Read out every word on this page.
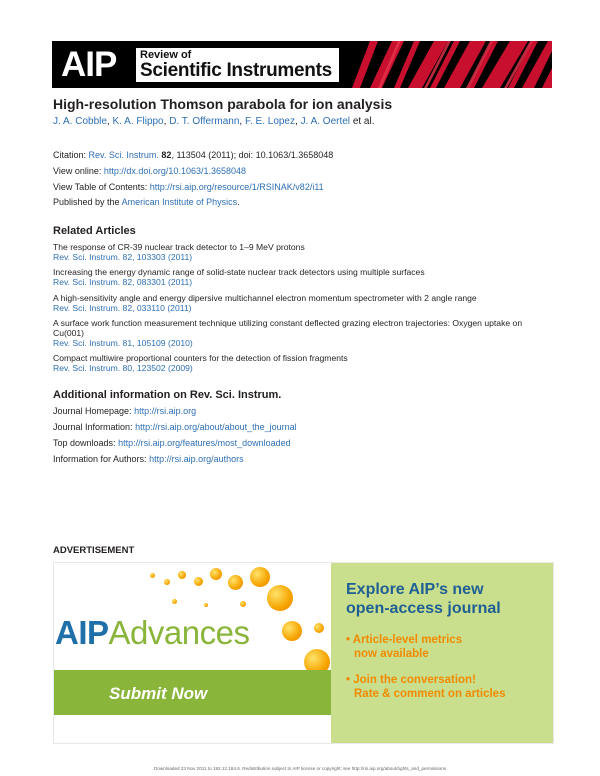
AIP Review of
Scientific Instruments
High-resolution Thomson parabola for ion analysis
J. A. Cobble, K. A. Flippo, D. T. Offermann, F. E. Lopez, J. A. Oertel et al.
Citation: Rev. Sci. Instrum. 82, 113504 (2011); doi: 10.1063/1.3658048
View online: http://dx.doi.org/10.1063/1.3658048
View Table of Contents: http://rsi.aip.org/resource/1/RSINAK/v82/i11
Published by the American Institute of Physics.
Related Articles
The response of CR-39 nuclear track detector to 1–9 MeV protons
Rev. Sci. Instrum. 82, 103303 (2011)
Increasing the energy dynamic range of solid-state nuclear track detectors using multiple surfaces
Rev. Sci. Instrum. 82, 083301 (2011)
A high-sensitivity angle and energy dipersive multichannel electron momentum spectrometer with 2 angle range
Rev. Sci. Instrum. 82, 033110 (2011)
A surface work function measurement technique utilizing constant deflected grazing electron trajectories: Oxygen uptake on Cu(001)
Rev. Sci. Instrum. 81, 105109 (2010)
Compact multiwire proportional counters for the detection of fission fragments
Rev. Sci. Instrum. 80, 123502 (2009)
Additional information on Rev. Sci. Instrum.
Journal Homepage: http://rsi.aip.org
Journal Information: http://rsi.aip.org/about/about_the_journal
Top downloads: http://rsi.aip.org/features/most_downloaded
Information for Authors: http://rsi.aip.org/authors
ADVERTISEMENT
AIPAdvances
Submit Now
Explore AIP’s new
open-access journal
• Article-level metrics
now available
• Join the conversation!
Rate & comment on articles
Downloaded 23 Nov 2011 to 192.12.184.6. Redistribution subject to AIP license or copyright; see http://rsi.aip.org/about/rights_and_permissions
